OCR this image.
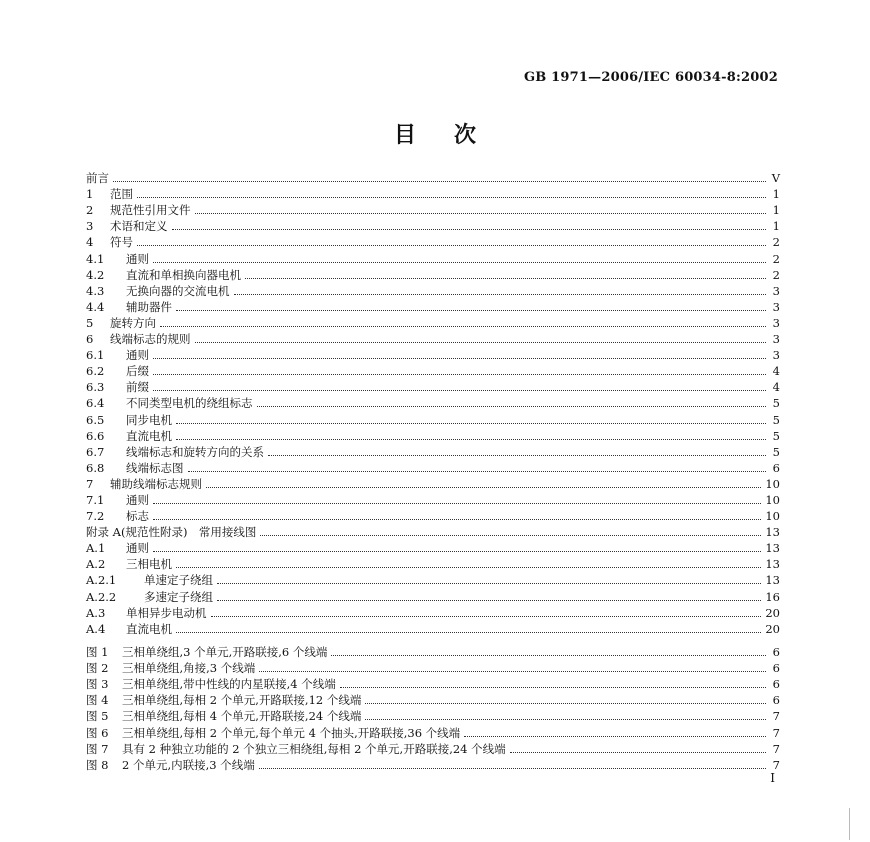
GB 1971—2006/IEC 60034-8:2002
目 次
前言	V
1	范围	1
2	规范性引用文件	1
3	术语和定义	1
4	符号	2
4.1	通则	2
4.2	直流和单相换向器电机	2
4.3	无换向器的交流电机	3
4.4	辅助器件	3
5	旋转方向	3
6	线端标志的规则	3
6.1	通则	3
6.2	后缀	4
6.3	前缀	4
6.4	不同类型电机的绕组标志	5
6.5	同步电机	5
6.6	直流电机	5
6.7	线端标志和旋转方向的关系	5
6.8	线端标志图	6
7	辅助线端标志规则	10
7.1	通则	10
7.2	标志	10
附录 A(规范性附录)　常用接线图	13
A.1	通则	13
A.2	三相电机	13
A.2.1	单速定子绕组	13
A.2.2	多速定子绕组	16
A.3	单相异步电动机	20
A.4	直流电机	20
图 1	三相单绕组,3 个单元,开路联接,6 个线端	6
图 2	三相单绕组,角接,3 个线端	6
图 3	三相单绕组,带中性线的内星联接,4 个线端	6
图 4	三相单绕组,每相 2 个单元,开路联接,12 个线端	6
图 5	三相单绕组,每相 4 个单元,开路联接,24 个线端	7
图 6	三相单绕组,每相 2 个单元,每个单元 4 个抽头,开路联接,36 个线端	7
图 7	具有 2 种独立功能的 2 个独立三相绕组,每相 2 个单元,开路联接,24 个线端	7
图 8	2 个单元,内联接,3 个线端	7
I
